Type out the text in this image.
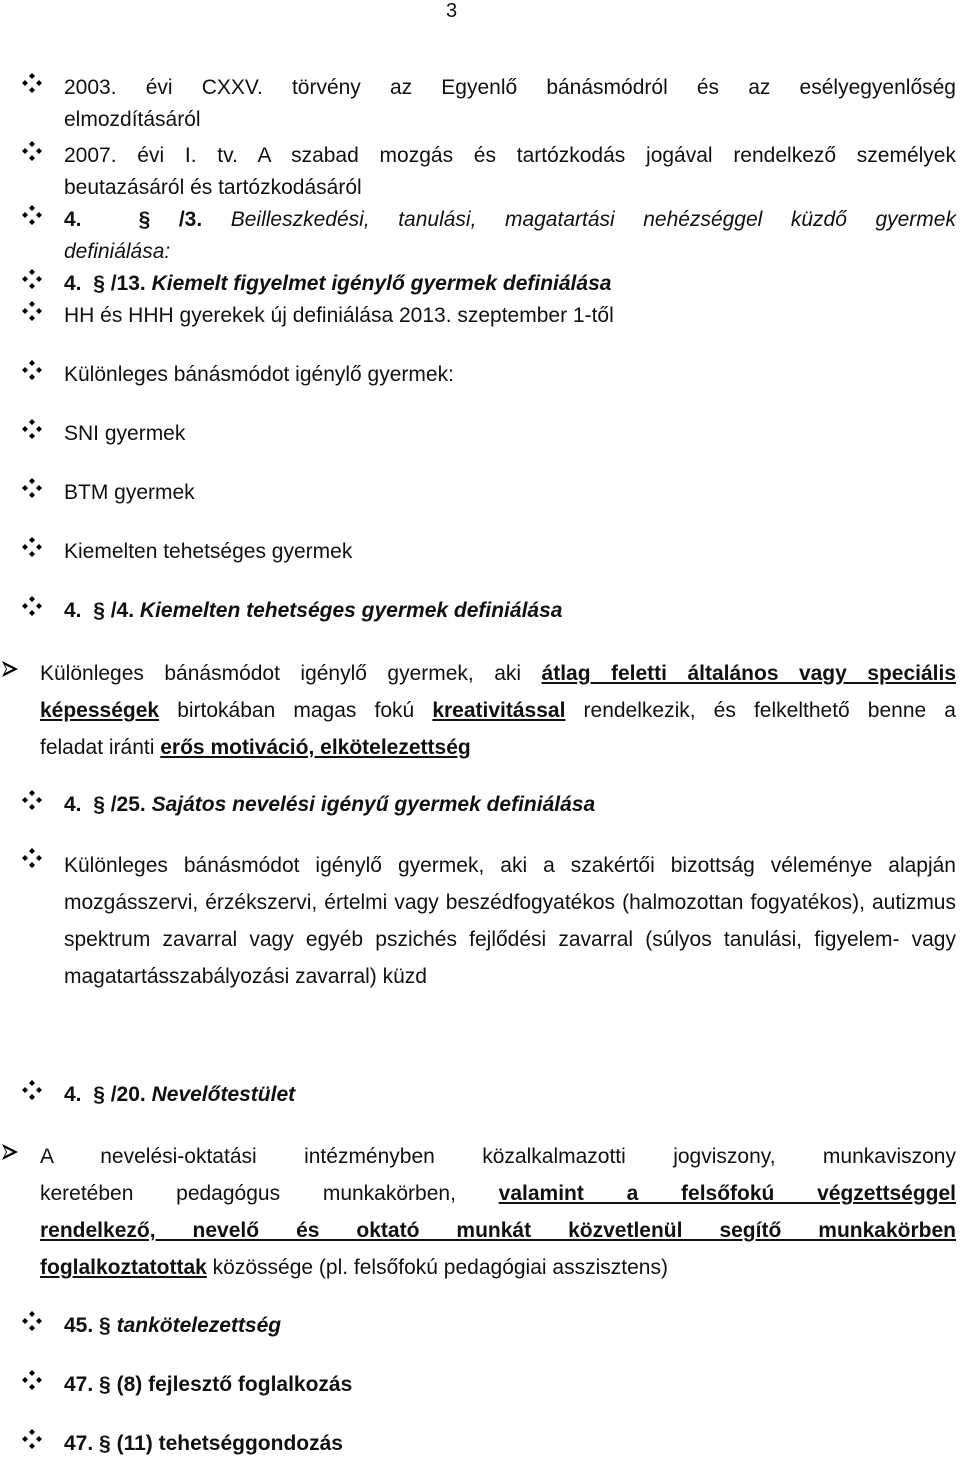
3
2003. évi CXXV. törvény az Egyenlő bánásmódról és az esélyegyenlőség
elmozdításáról
2007. évi I. tv. A szabad mozgás és tartózkodás jogával rendelkező személyek
beutazásáról és tartózkodásáról
4.	§ /3. Beilleszkedési, tanulási, magatartási nehézséggel küzdő gyermek
definiálása:
4. § /13. Kiemelt figyelmet igénylő gyermek definiálása
HH és HHH gyerekek új definiálása 2013. szeptember 1-től
Különleges bánásmódot igénylő gyermek:
SNI gyermek
BTM gyermek
Kiemelten tehetséges gyermek
4. § /4. Kiemelten tehetséges gyermek definiálása
Különleges bánásmódot igénylő gyermek, aki átlag feletti általános vagy speciális
képességek birtokában magas fokú kreativitással rendelkezik, és felkelthető benne a
feladat iránti erős motiváció, elkötelezettség
4. § /25. Sajátos nevelési igényű gyermek definiálása
Különleges bánásmódot igénylő gyermek, aki a szakértői bizottság véleménye alapján mozgásszervi, érzékszervi, értelmi vagy beszédfogyatékos (halmozottan fogyatékos), autizmus spektrum zavarral vagy egyéb pszichés fejlődési zavarral (súlyos tanulási, figyelem- vagy magatartásszabályozási zavarral) küzd
4. § /20. Nevelőtestület
A nevelési-oktatási intézményben közalkalmazotti jogviszony, munkaviszony
keretében pedagógus munkakörben, valamint a felsőfokú végzettséggel
rendelkező, nevelő és oktató munkát közvetlenül segítő munkakörben
foglalkoztatottak közössége (pl. felsőfokú pedagógiai asszisztens)
45. § tankötelezettség
47. § (8) fejlesztő foglalkozás
47. § (11) tehetséggondozás
